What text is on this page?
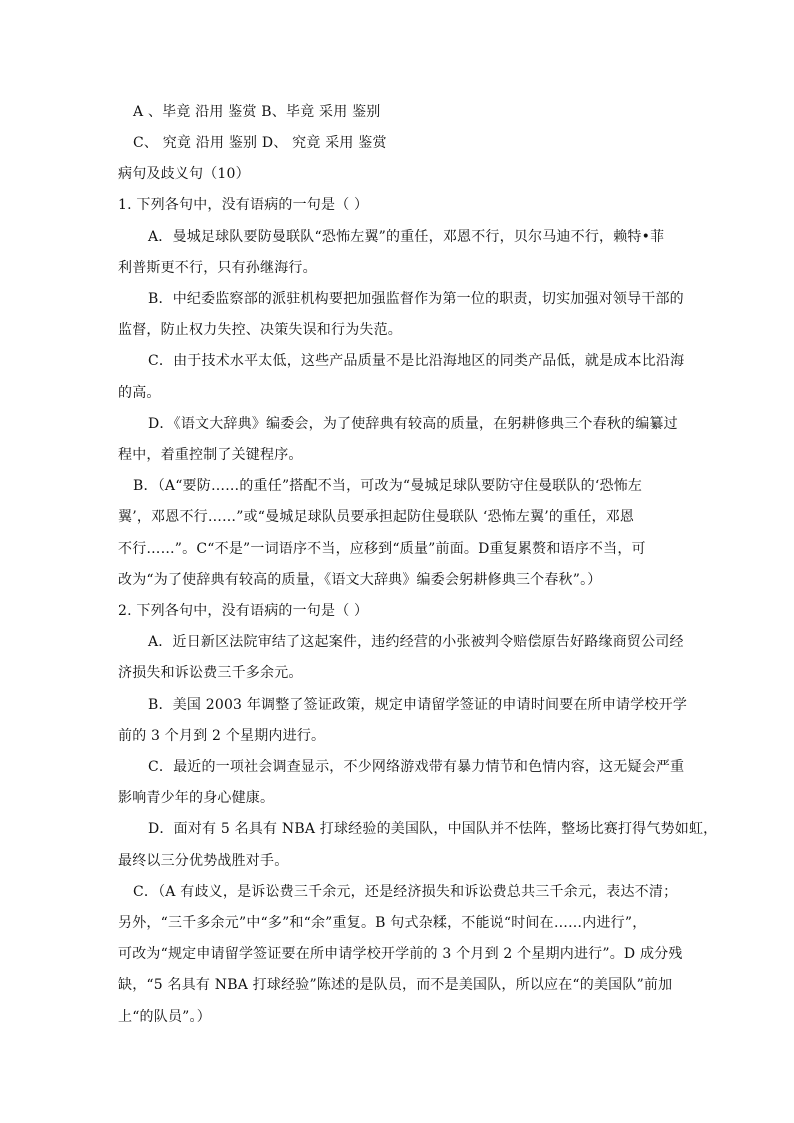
A 、毕竟 沿用 鉴赏 B、毕竟 采用 鉴别
C、 究竟 沿用 鉴别 D、 究竟 采用 鉴赏
病句及歧义句（10）
1. 下列各句中，没有语病的一句是（ ）
A．曼城足球队要防曼联队“恐怖左翼”的重任，邓恩不行，贝尔马迪不行，赖特•菲
利普斯更不行，只有孙继海行。
B．中纪委监察部的派驻机构要把加强监督作为第一位的职责，切实加强对领导干部的
监督，防止权力失控、决策失误和行为失范。
C．由于技术水平太低，这些产品质量不是比沿海地区的同类产品低，就是成本比沿海
的高。
D．《语文大辞典》编委会，为了使辞典有较高的质量，在躬耕修典三个春秋的编纂过
程中，着重控制了关键程序。
B．（A“要防……的重任”搭配不当，可改为“曼城足球队要防守住曼联队的‘恐怖左
翼’，邓恩不行……”或“曼城足球队员要承担起防住曼联队 ‘恐怖左翼’的重任，邓恩
不行……”。C“不是”一词语序不当，应移到“质量”前面。D重复累赘和语序不当，可
改为“为了使辞典有较高的质量，《语文大辞典》编委会躬耕修典三个春秋”。）
2. 下列各句中，没有语病的一句是（ ）
A．近日新区法院审结了这起案件，违约经营的小张被判令赔偿原告好路缘商贸公司经
济损失和诉讼费三千多余元。
B．美国 2003 年调整了签证政策，规定申请留学签证的申请时间要在所申请学校开学
前的 3 个月到 2 个星期内进行。
C．最近的一项社会调查显示，不少网络游戏带有暴力情节和色情内容，这无疑会严重
影响青少年的身心健康。
D．面对有 5 名具有 NBA 打球经验的美国队，中国队并不怯阵，整场比赛打得气势如虹，
最终以三分优势战胜对手。
C．（A 有歧义，是诉讼费三千余元，还是经济损失和诉讼费总共三千余元，表达不清；
另外，“三千多余元”中“多”和“余”重复。B 句式杂糅，不能说“时间在……内进行”，
可改为“规定申请留学签证要在所申请学校开学前的 3 个月到 2 个星期内进行”。D 成分残
缺，“5 名具有 NBA 打球经验”陈述的是队员，而不是美国队，所以应在“的美国队”前加
上“的队员”。）
